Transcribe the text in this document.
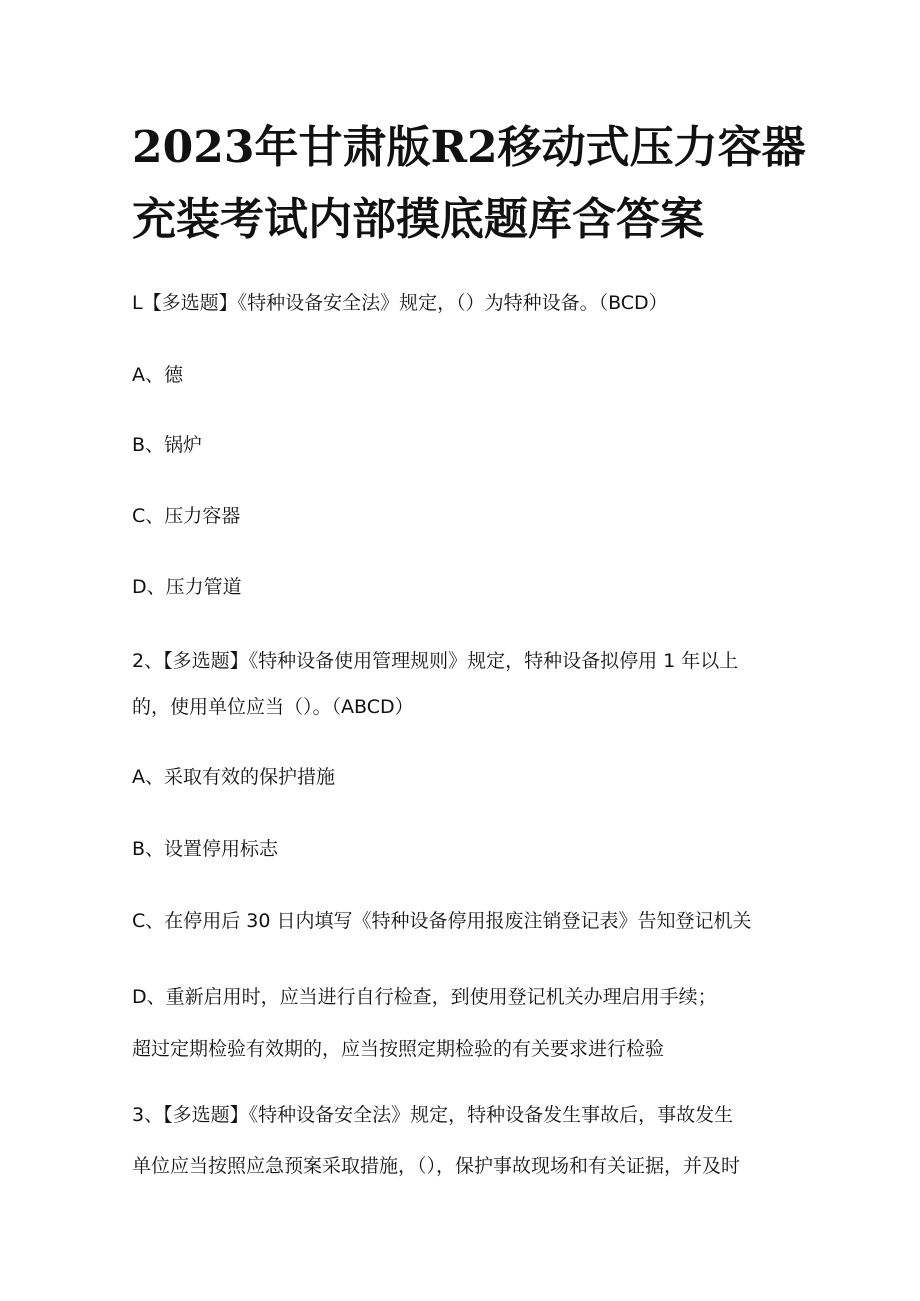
2023年甘肃版R2移动式压力容器
充装考试内部摸底题库含答案

L【多选题】《特种设备安全法》规定，（）为特种设备。（BCD）

A、德

B、锅炉

C、压力容器

D、压力管道

2、【多选题】《特种设备使用管理规则》规定，特种设备拟停用 1 年以上

的，使用单位应当（）。（ABCD）

A、采取有效的保护措施

B、设置停用标志

C、在停用后 30 日内填写《特种设备停用报废注销登记表》告知登记机关

D、重新启用时，应当进行自行检查，到使用登记机关办理启用手续；

超过定期检验有效期的，应当按照定期检验的有关要求进行检验

3、【多选题】《特种设备安全法》规定，特种设备发生事故后，事故发生

单位应当按照应急预案采取措施，（），保护事故现场和有关证据，并及时
